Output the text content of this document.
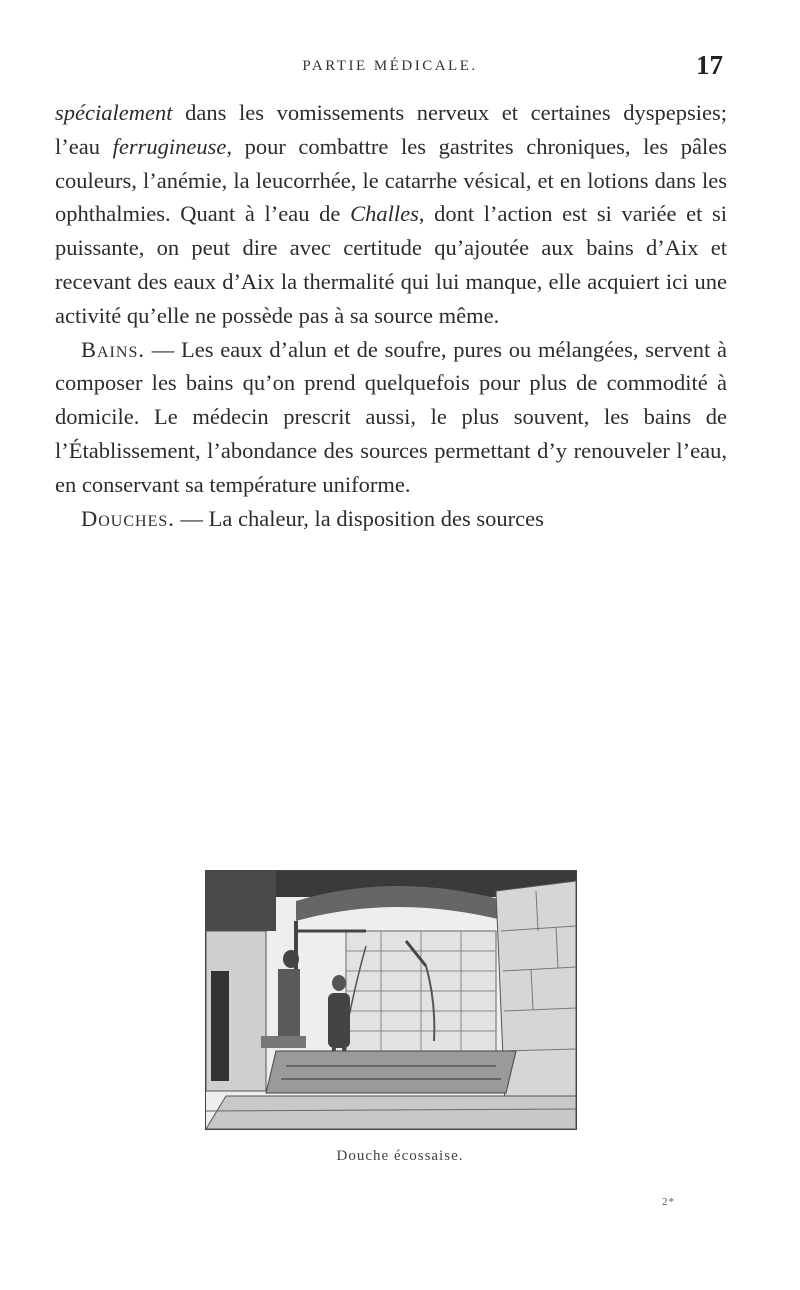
PARTIE MÉDICALE.	17

spécialement dans les vomissements nerveux et certaines dyspepsies; l’eau ferrugineuse, pour combattre les gastrites chroniques, les pâles couleurs, l’anémie, la leucorrhée, le catarrhe vésical, et en lotions dans les ophthalmies. Quant à l’eau de Challes, dont l’action est si variée et si puissante, on peut dire avec certitude qu’ajoutée aux bains d’Aix et recevant des eaux d’Aix la thermalité qui lui manque, elle acquiert ici une activité qu’elle ne possède pas à sa source même.

Bains. — Les eaux d’alun et de soufre, pures ou mélangées, servent à composer les bains qu’on prend quelquefois pour plus de commodité à domicile. Le médecin prescrit aussi, le plus souvent, les bains de l’Établissement, l’abondance des sources permettant d’y renouveler l’eau, en conservant sa température uniforme.

Douches. — La chaleur, la disposition des sources

Douche écossaise.
2*
